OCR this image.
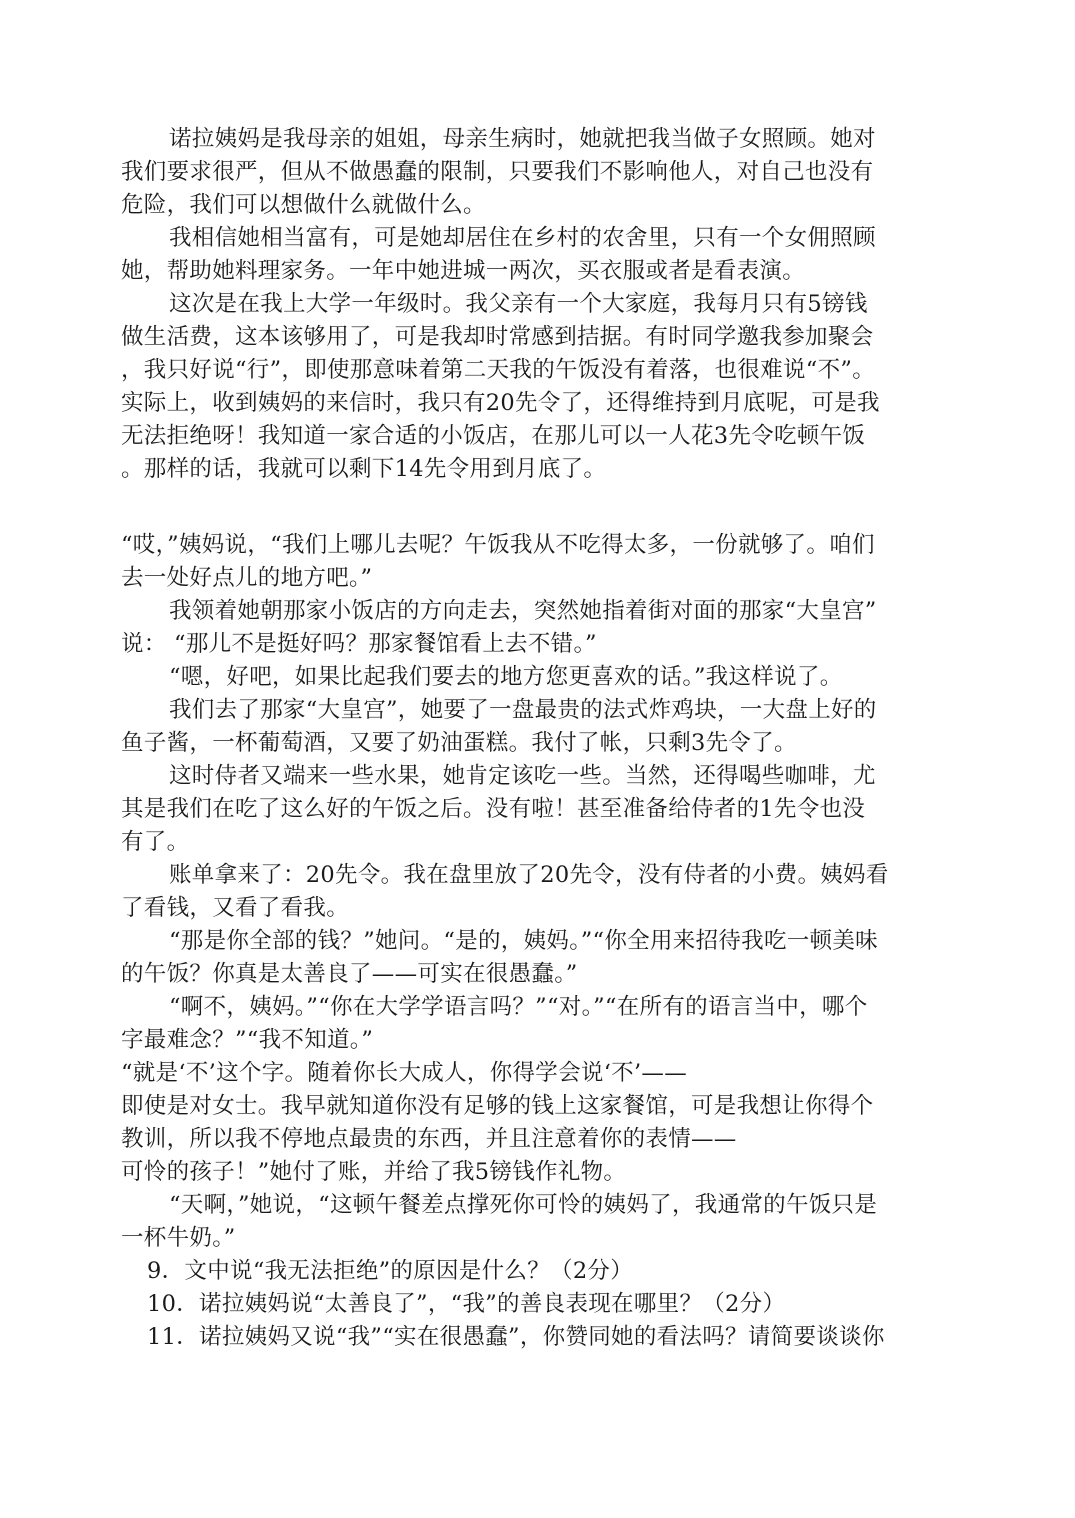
诺拉姨妈是我母亲的姐姐，母亲生病时，她就把我当做子女照顾。她对
我们要求很严，但从不做愚蠢的限制，只要我们不影响他人，对自己也没有
危险，我们可以想做什么就做什么。
我相信她相当富有，可是她却居住在乡村的农舍里，只有一个女佣照顾
她，帮助她料理家务。一年中她进城一两次，买衣服或者是看表演。
这次是在我上大学一年级时。我父亲有一个大家庭，我每月只有5镑钱
做生活费，这本该够用了，可是我却时常感到拮据。有时同学邀我参加聚会
，我只好说“行”，即使那意味着第二天我的午饭没有着落，也很难说“不”。
实际上，收到姨妈的来信时，我只有20先令了，还得维持到月底呢，可是我
无法拒绝呀！我知道一家合适的小饭店，在那儿可以一人花3先令吃顿午饭
。那样的话，我就可以剩下14先令用到月底了。
“哎，”姨妈说，“我们上哪儿去呢？午饭我从不吃得太多，一份就够了。咱们
去一处好点儿的地方吧。”
我领着她朝那家小饭店的方向走去，突然她指着街对面的那家“大皇宫”
说： “那儿不是挺好吗？那家餐馆看上去不错。”
“嗯，好吧，如果比起我们要去的地方您更喜欢的话。”我这样说了。
我们去了那家“大皇宫”，她要了一盘最贵的法式炸鸡块，一大盘上好的
鱼子酱，一杯葡萄酒，又要了奶油蛋糕。我付了帐，只剩3先令了。
这时侍者又端来一些水果，她肯定该吃一些。当然，还得喝些咖啡，尤
其是我们在吃了这么好的午饭之后。没有啦！甚至准备给侍者的1先令也没
有了。
账单拿来了：20先令。我在盘里放了20先令，没有侍者的小费。姨妈看
了看钱，又看了看我。
“那是你全部的钱？”她问。“是的，姨妈。”“你全用来招待我吃一顿美味
的午饭？你真是太善良了——可实在很愚蠢。”
“啊不，姨妈。”“你在大学学语言吗？”“对。”“在所有的语言当中，哪个
字最难念？”“我不知道。”
“就是‘不’这个字。随着你长大成人，你得学会说‘不’——
即使是对女士。我早就知道你没有足够的钱上这家餐馆，可是我想让你得个
教训，所以我不停地点最贵的东西，并且注意着你的表情——
可怜的孩子！”她付了账，并给了我5镑钱作礼物。
“天啊，”她说，“这顿午餐差点撑死你可怜的姨妈了，我通常的午饭只是
一杯牛奶。”
9．文中说“我无法拒绝”的原因是什么？（2分）
10．诺拉姨妈说“太善良了”，“我”的善良表现在哪里？（2分）
11．诺拉姨妈又说“我”“实在很愚蠢”，你赞同她的看法吗？请简要谈谈你
